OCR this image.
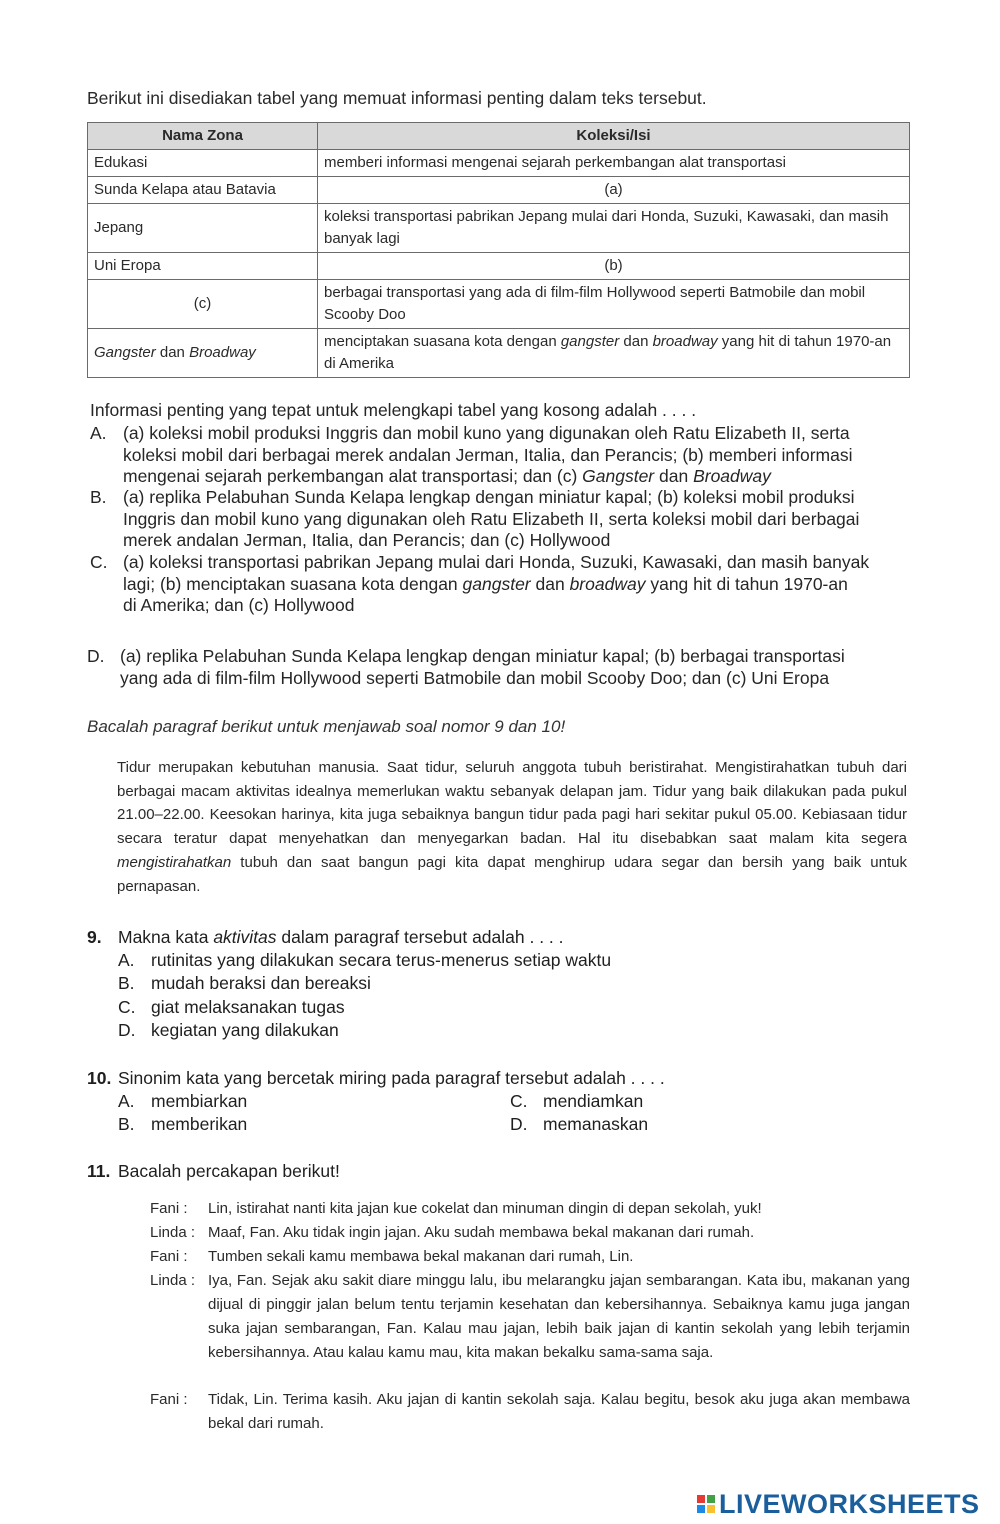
Berikut ini disediakan tabel yang memuat informasi penting dalam teks tersebut.
Nama Zona	Koleksi/Isi
Edukasi	memberi informasi mengenai sejarah perkembangan alat transportasi
Sunda Kelapa atau Batavia	(a)
Jepang	koleksi transportasi pabrikan Jepang mulai dari Honda, Suzuki, Kawasaki, dan masih banyak lagi
Uni Eropa	(b)
(c)	berbagai transportasi yang ada di film-film Hollywood seperti Batmobile dan mobil Scooby Doo
Gangster dan Broadway	menciptakan suasana kota dengan gangster dan broadway yang hit di tahun 1970-an di Amerika
Informasi penting yang tepat untuk melengkapi tabel yang kosong adalah . . . .
A. (a) koleksi mobil produksi Inggris dan mobil kuno yang digunakan oleh Ratu Elizabeth II, serta
koleksi mobil dari berbagai merek andalan Jerman, Italia, dan Perancis; (b) memberi informasi
mengenai sejarah perkembangan alat transportasi; dan (c) Gangster dan Broadway
B. (a) replika Pelabuhan Sunda Kelapa lengkap dengan miniatur kapal; (b) koleksi mobil produksi
Inggris dan mobil kuno yang digunakan oleh Ratu Elizabeth II, serta koleksi mobil dari berbagai
merek andalan Jerman, Italia, dan Perancis; dan (c) Hollywood
C. (a) koleksi transportasi pabrikan Jepang mulai dari Honda, Suzuki, Kawasaki, dan masih banyak
lagi; (b) menciptakan suasana kota dengan gangster dan broadway yang hit di tahun 1970-an
di Amerika; dan (c) Hollywood
D. (a) replika Pelabuhan Sunda Kelapa lengkap dengan miniatur kapal; (b) berbagai transportasi
yang ada di film-film Hollywood seperti Batmobile dan mobil Scooby Doo; dan (c) Uni Eropa
Bacalah paragraf berikut untuk menjawab soal nomor 9 dan 10!
Tidur merupakan kebutuhan manusia. Saat tidur, seluruh anggota tubuh beristirahat. Mengistirahatkan tubuh dari berbagai macam aktivitas idealnya memerlukan waktu sebanyak delapan jam. Tidur yang baik dilakukan pada pukul 21.00–22.00. Keesokan harinya, kita juga sebaiknya bangun tidur pada pagi hari sekitar pukul 05.00. Kebiasaan tidur secara teratur dapat menyehatkan dan menyegarkan badan. Hal itu disebabkan saat malam kita segera mengistirahatkan tubuh dan saat bangun pagi kita dapat menghirup udara segar dan bersih yang baik untuk pernapasan.
9. Makna kata aktivitas dalam paragraf tersebut adalah . . . .
A. rutinitas yang dilakukan secara terus-menerus setiap waktu
B. mudah beraksi dan bereaksi
C. giat melaksanakan tugas
D. kegiatan yang dilakukan
10. Sinonim kata yang bercetak miring pada paragraf tersebut adalah . . . .
A. membiarkan
B. memberikan
C. mendiamkan
D. memanaskan
11. Bacalah percakapan berikut!
Fani :	Lin, istirahat nanti kita jajan kue cokelat dan minuman dingin di depan sekolah, yuk!
Linda : Maaf, Fan. Aku tidak ingin jajan. Aku sudah membawa bekal makanan dari rumah.
Fani :	Tumben sekali kamu membawa bekal makanan dari rumah, Lin.
Linda : Iya, Fan. Sejak aku sakit diare minggu lalu, ibu melarangku jajan sembarangan. Kata ibu, makanan yang dijual di pinggir jalan belum tentu terjamin kesehatan dan kebersihannya. Sebaiknya kamu juga jangan suka jajan sembarangan, Fan. Kalau mau jajan, lebih baik jajan di kantin sekolah yang lebih terjamin kebersihannya. Atau kalau kamu mau, kita makan bekalku sama-sama saja.
Fani :	Tidak, Lin. Terima kasih. Aku jajan di kantin sekolah saja. Kalau begitu, besok aku juga akan membawa bekal dari rumah.
LIVEWORKSHEETS
